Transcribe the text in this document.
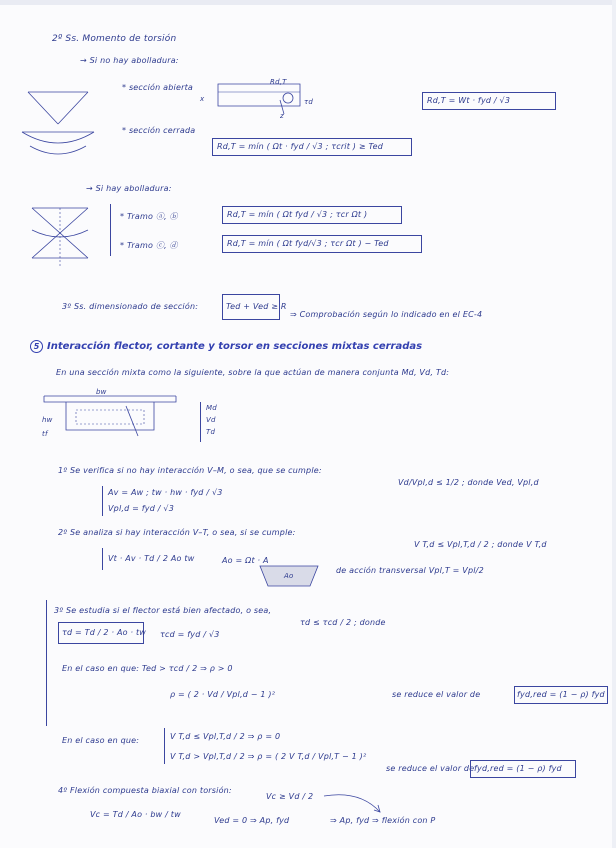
2º Ss. Momento de torsión
→ Si no hay abolladura:
* sección abierta
x
z
Rd,T
τd	Rd,T = Wt · fyd / √3
* sección cerrada
Rd,T = mín ( Ωt · fyd / √3 ; τcrit ) ≥ Ted
→ Si hay abolladura:
* Tramo ⓐ, ⓑ	Rd,T = mín ( Ωt fyd / √3 ; τcr Ωt )
* Tramo ⓒ, ⓓ	Rd,T = mín ( Ωt fyd/√3 ; τcr Ωt ) − Ted
3º Ss. dimensionado de sección:	Ted + Ved ≥ R
⇒ Comprobación según lo indicado en el EC-4
5 Interacción flector, cortante y torsor en secciones mixtas cerradas
En una sección mixta como la siguiente, sobre la que actúan de manera conjunta Md, Vd, Td:
bw
hw
tf
Md
Vd
Td
1º Se verifica si no hay interacción V–M, o sea, que se cumple:
Vd/Vpl,d ≤ 1/2 ; donde Ved, Vpl,d
Av = Aw ; tw · hw · fyd / √3
Vpl,d = fyd / √3
2º Se analiza si hay interacción V–T, o sea, si se cumple:
V T,d ≤ Vpl,T,d / 2 ; donde V T,d
Vt · Av · Td / 2 Ao tw	Ao = Ωt · A
Ao
de acción transversal Vpl,T = Vpl/2
3º Se estudia si el flector está bien afectado, o sea,
τd ≤ τcd / 2 ; donde
τd = Td / 2 · Ao · tw τcd = fyd / √3
En el caso en que: Ted > τcd / 2 ⇒ ρ > 0
ρ = ( 2 · Vd / Vpl,d − 1 )²	se reduce el valor de	fyd,red = (1 − ρ) fyd
En el caso en que:	V T,d ≤ Vpl,T,d / 2 ⇒ ρ = 0
V T,d > Vpl,T,d / 2 ⇒ ρ = ( 2 V T,d / Vpl,T − 1 )²
se reduce el valor de fyd,red = (1 − ρ) fyd
4º Flexión compuesta biaxial con torsión:
Vc ≥ Vd / 2
Vc = Td / Ao · bw / tw
Ved = 0 ⇒ Ap, fyd	⇒ Ap, fyd ⇒ flexión con P
